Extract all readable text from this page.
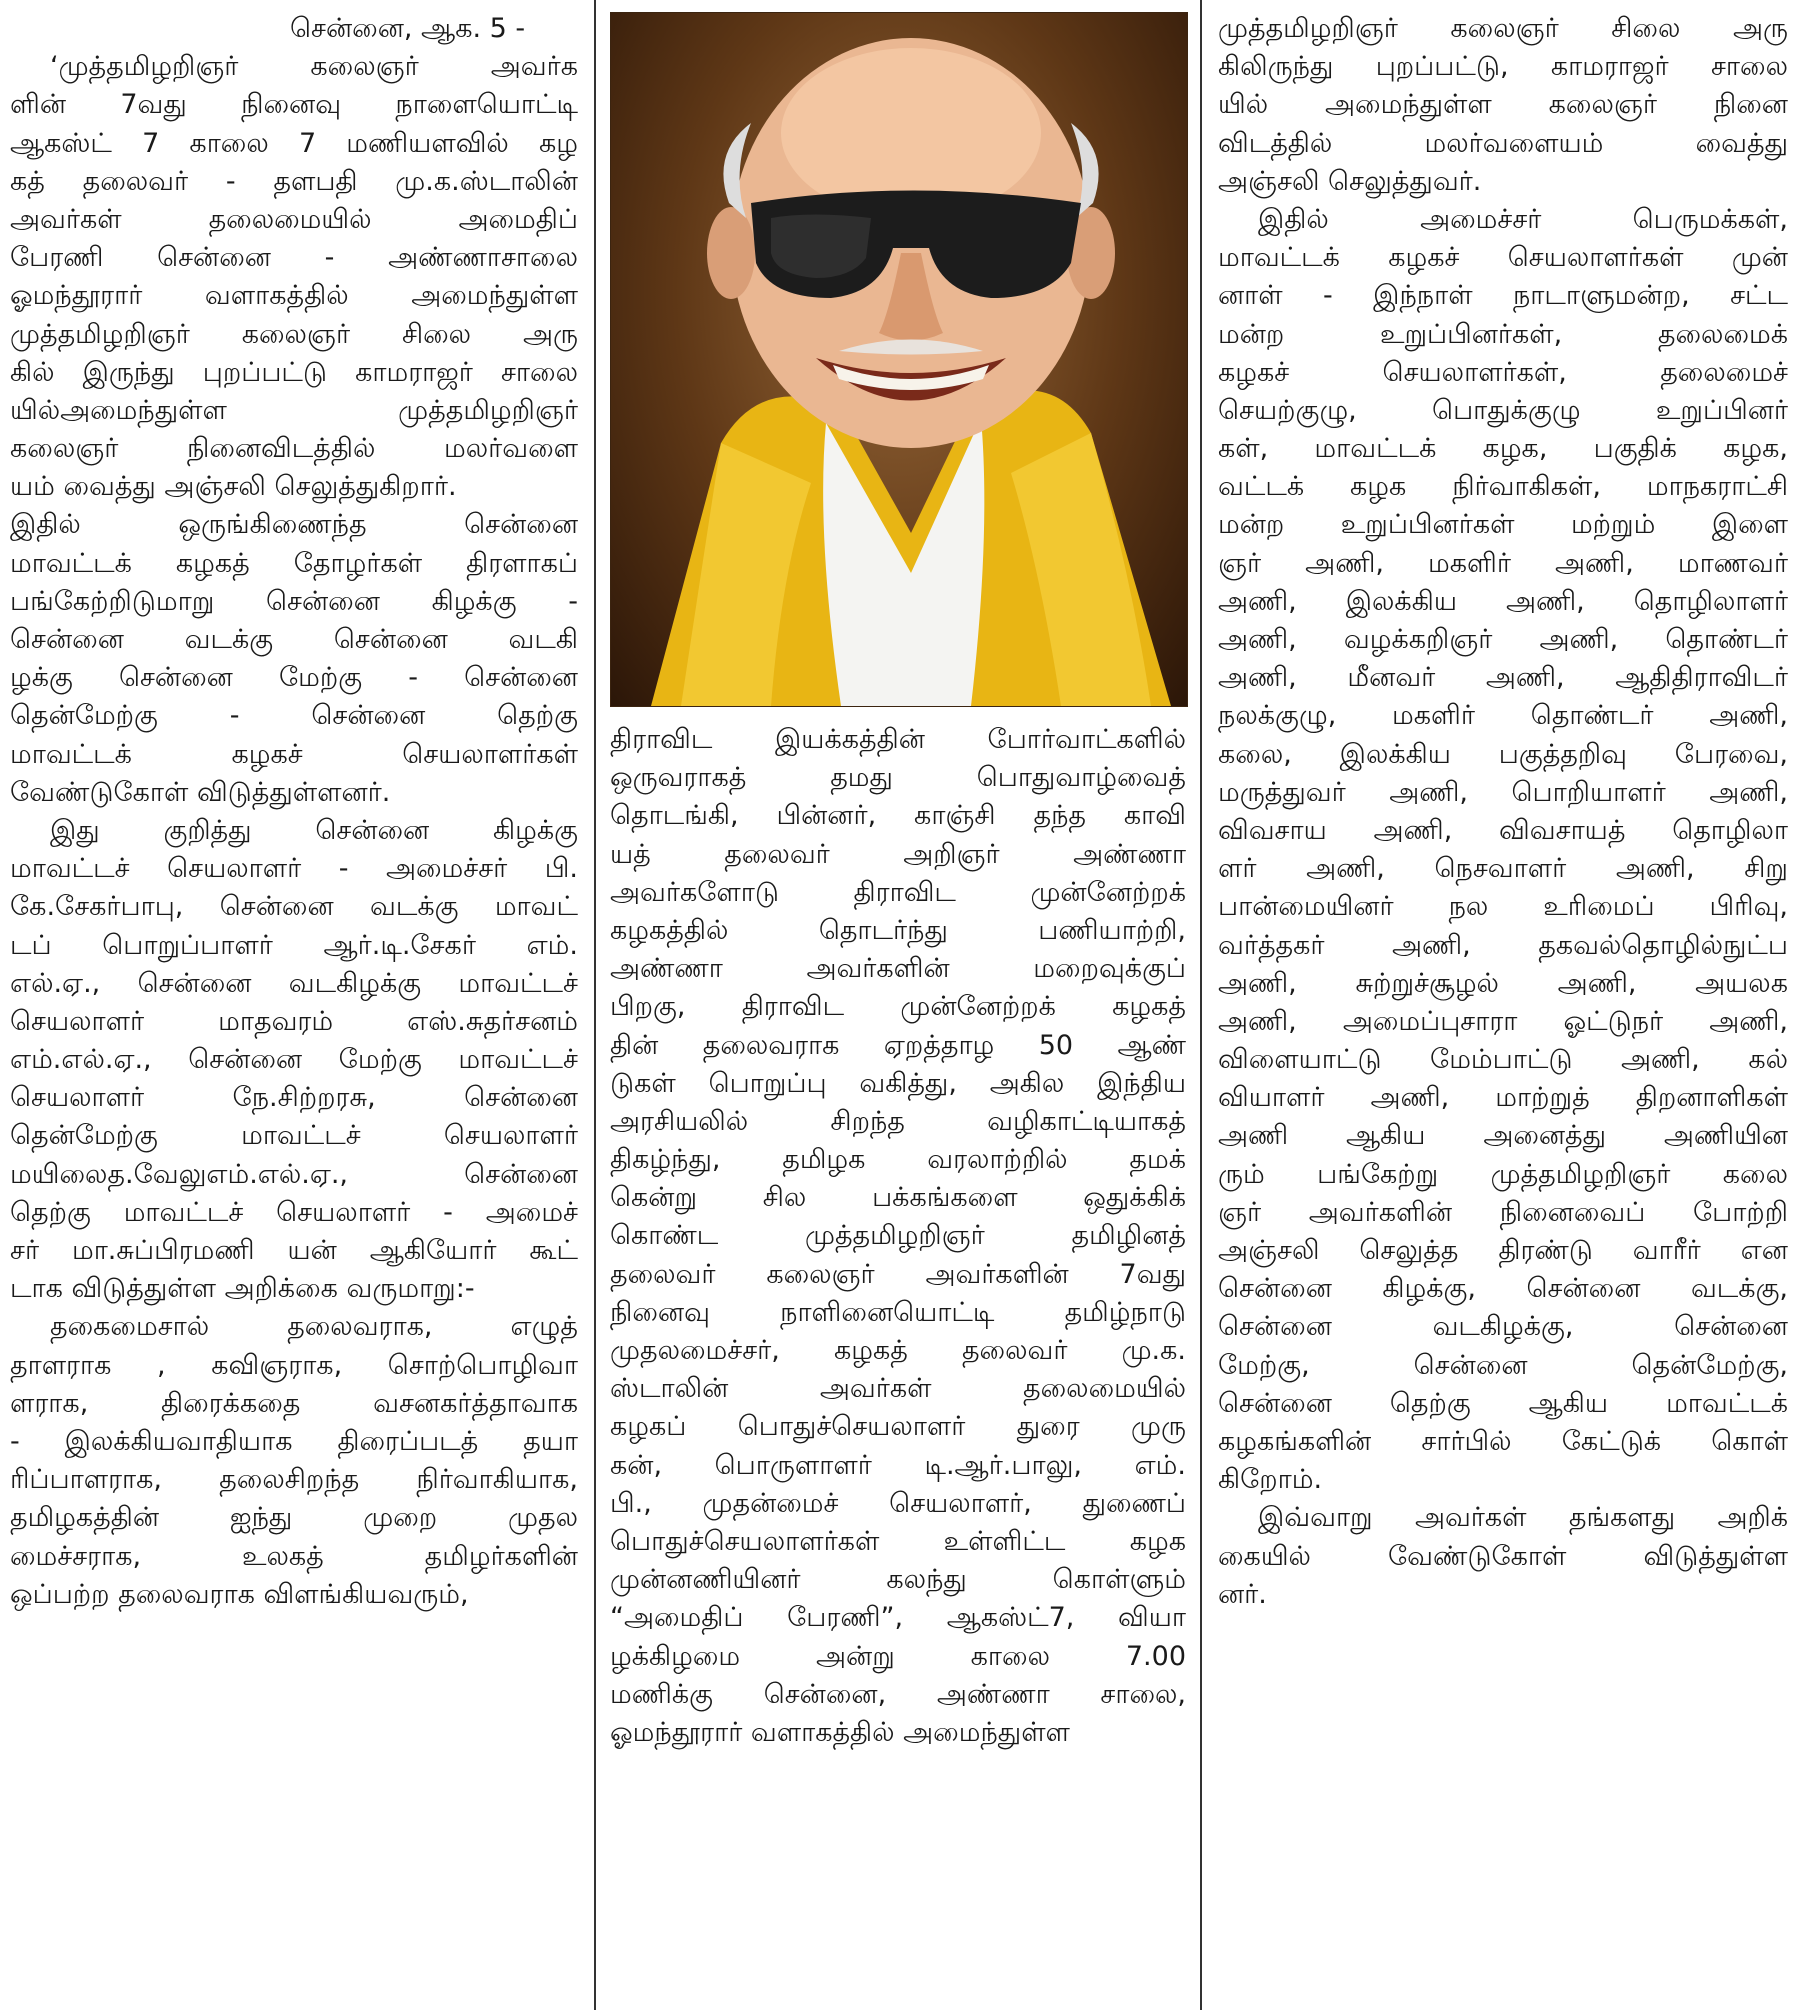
சென்னை, ஆக. 5 -
‘முத்தமிழறிஞர் கலைஞர் அவர்க
ளின் 7வது நினைவு நாளையொட்டி
ஆகஸ்ட் 7 காலை 7 மணியளவில் கழ
கத் தலைவர் - தளபதி மு.க.ஸ்டாலின்
அவர்கள் தலைமையில் அமைதிப்
பேரணி சென்னை - அண்ணாசாலை
ஓமந்தூரார் வளாகத்தில் அமைந்துள்ள
முத்தமிழறிஞர் கலைஞர் சிலை அரு
கில் இருந்து புறப்பட்டு காமராஜர் சாலை
யில்அமைந்துள்ள முத்தமிழறிஞர்
கலைஞர் நினைவிடத்தில் மலர்வளை
யம் வைத்து அஞ்சலி செலுத்துகிறார்.
இதில் ஒருங்கிணைந்த சென்னை
மாவட்டக் கழகத் தோழர்கள் திரளாகப்
பங்கேற்றிடுமாறு சென்னை கிழக்கு -
சென்னை வடக்கு சென்னை வடகி
ழக்கு சென்னை மேற்கு - சென்னை
தென்மேற்கு - சென்னை தெற்கு
மாவட்டக் கழகச் செயலாளர்கள்
வேண்டுகோள் விடுத்துள்ளனர்.
இது குறித்து சென்னை கிழக்கு
மாவட்டச் செயலாளர் - அமைச்சர் பி.
கே.சேகர்பாபு, சென்னை வடக்கு மாவட்
டப் பொறுப்பாளர் ஆர்.டி.சேகர் எம்.
எல்.ஏ., சென்னை வடகிழக்கு மாவட்டச்
செயலாளர் மாதவரம் எஸ்.சுதர்சனம்
எம்.எல்.ஏ., சென்னை மேற்கு மாவட்டச்
செயலாளர் நே.சிற்றரசு, சென்னை
தென்மேற்கு மாவட்டச் செயலாளர்
மயிலைத.வேலுஎம்.எல்.ஏ., சென்னை
தெற்கு மாவட்டச் செயலாளர் - அமைச்
சர் மா.சுப்பிரமணி யன் ஆகியோர் கூட்
டாக விடுத்துள்ள அறிக்கை வருமாறு:-
தகைமைசால் தலைவராக, எழுத்
தாளராக , கவிஞராக, சொற்பொழிவா
ளராக, திரைக்கதை வசனகர்த்தாவாக
- இலக்கியவாதியாக திரைப்படத் தயா
ரிப்பாளராக, தலைசிறந்த நிர்வாகியாக,
தமிழகத்தின் ஐந்து முறை முதல
மைச்சராக, உலகத் தமிழர்களின்
ஒப்பற்ற தலைவராக விளங்கியவரும்,
திராவிட இயக்கத்தின் போர்வாட்களில்
ஒருவராகத் தமது பொதுவாழ்வைத்
தொடங்கி, பின்னர், காஞ்சி தந்த காவி
யத் தலைவர் அறிஞர் அண்ணா
அவர்களோடு திராவிட முன்னேற்றக்
கழகத்தில் தொடர்ந்து பணியாற்றி,
அண்ணா அவர்களின் மறைவுக்குப்
பிறகு, திராவிட முன்னேற்றக் கழகத்
தின் தலைவராக ஏறத்தாழ 50 ஆண்
டுகள் பொறுப்பு வகித்து, அகில இந்திய
அரசியலில் சிறந்த வழிகாட்டியாகத்
திகழ்ந்து, தமிழக வரலாற்றில் தமக்
கென்று சில பக்கங்களை ஒதுக்கிக்
கொண்ட முத்தமிழறிஞர் தமிழினத்
தலைவர் கலைஞர் அவர்களின் 7வது
நினைவு நாளினையொட்டி தமிழ்நாடு
முதலமைச்சர், கழகத் தலைவர் மு.க.
ஸ்டாலின் அவர்கள் தலைமையில்
கழகப் பொதுச்செயலாளர் துரை முரு
கன், பொருளாளர் டி.ஆர்.பாலு, எம்.
பி., முதன்மைச் செயலாளர், துணைப்
பொதுச்செயலாளர்கள் உள்ளிட்ட கழக
முன்னணியினர் கலந்து கொள்ளும்
“அமைதிப் பேரணி”, ஆகஸ்ட்7, வியா
ழக்கிழமை அன்று காலை 7.00
மணிக்கு சென்னை, அண்ணா சாலை,
ஓமந்தூரார் வளாகத்தில் அமைந்துள்ள
முத்தமிழறிஞர் கலைஞர் சிலை அரு
கிலிருந்து புறப்பட்டு, காமராஜர் சாலை
யில் அமைந்துள்ள கலைஞர் நினை
விடத்தில் மலர்வளையம் வைத்து
அஞ்சலி செலுத்துவர்.
இதில் அமைச்சர் பெருமக்கள்,
மாவட்டக் கழகச் செயலாளர்கள் முன்
னாள் - இந்நாள் நாடாளுமன்ற, சட்ட
மன்ற உறுப்பினர்கள், தலைமைக்
கழகச் செயலாளர்கள், தலைமைச்
செயற்குழு, பொதுக்குழு உறுப்பினர்
கள், மாவட்டக் கழக, பகுதிக் கழக,
வட்டக் கழக நிர்வாகிகள், மாநகராட்சி
மன்ற உறுப்பினர்கள் மற்றும் இளை
ஞர் அணி, மகளிர் அணி, மாணவர்
அணி, இலக்கிய அணி, தொழிலாளர்
அணி, வழக்கறிஞர் அணி, தொண்டர்
அணி, மீனவர் அணி, ஆதிதிராவிடர்
நலக்குழு, மகளிர் தொண்டர் அணி,
கலை, இலக்கிய பகுத்தறிவு பேரவை,
மருத்துவர் அணி, பொறியாளர் அணி,
விவசாய அணி, விவசாயத் தொழிலா
ளர் அணி, நெசவாளர் அணி, சிறு
பான்மையினர் நல உரிமைப் பிரிவு,
வர்த்தகர் அணி, தகவல்தொழில்நுட்ப
அணி, சுற்றுச்சூழல் அணி, அயலக
அணி, அமைப்புசாரா ஓட்டுநர் அணி,
விளையாட்டு மேம்பாட்டு அணி, கல்
வியாளர் அணி, மாற்றுத் திறனாளிகள்
அணி ஆகிய அனைத்து அணியின
ரும் பங்கேற்று முத்தமிழறிஞர் கலை
ஞர் அவர்களின் நினைவைப் போற்றி
அஞ்சலி செலுத்த திரண்டு வாரீர் என
சென்னை கிழக்கு, சென்னை வடக்கு,
சென்னை வடகிழக்கு, சென்னை
மேற்கு, சென்னை தென்மேற்கு,
சென்னை தெற்கு ஆகிய மாவட்டக்
கழகங்களின் சார்பில் கேட்டுக் கொள்
கிறோம்.
இவ்வாறு அவர்கள் தங்களது அறிக்
கையில் வேண்டுகோள் விடுத்துள்ள
னர்.
